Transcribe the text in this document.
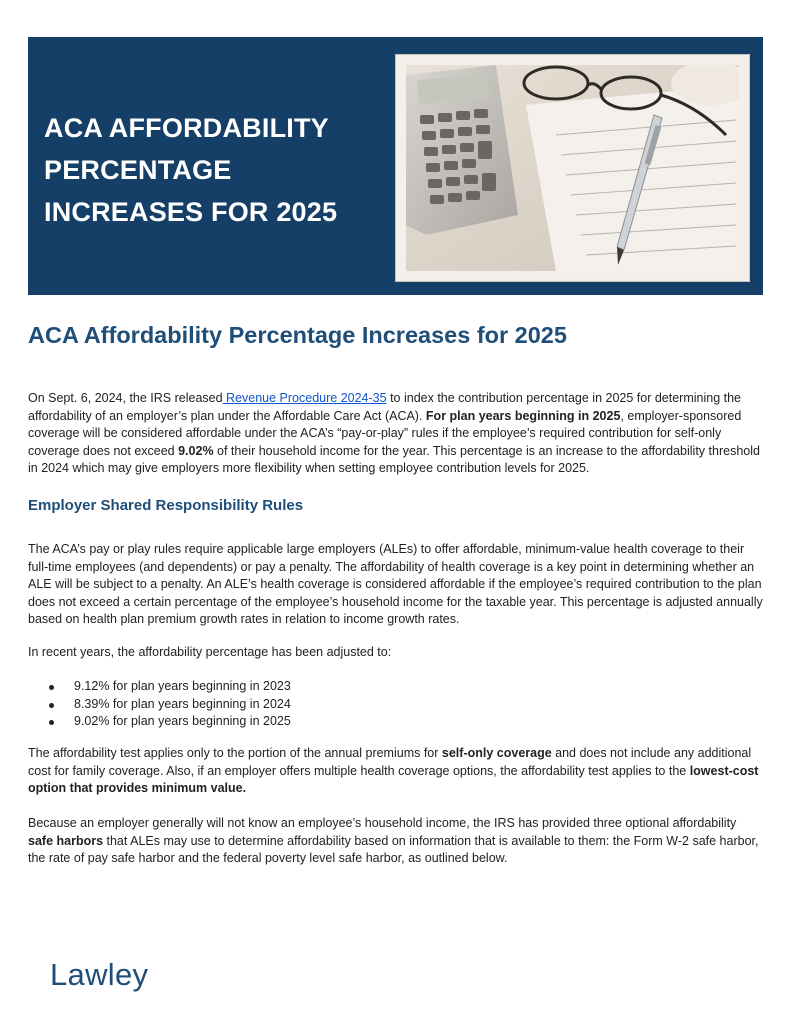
ACA AFFORDABILITY
PERCENTAGE
INCREASES FOR 2025
ACA Affordability Percentage Increases for 2025

On Sept. 6, 2024, the IRS released Revenue Procedure 2024-35 to index the contribution percentage in 2025 for determining the affordability of an employer’s plan under the Affordable Care Act (ACA). For plan years beginning in 2025, employer-sponsored coverage will be considered affordable under the ACA’s “pay-or-play” rules if the employee’s required contribution for self-only coverage does not exceed 9.02% of their household income for the year. This percentage is an increase to the affordability threshold in 2024 which may give employers more flexibility when setting employee contribution levels for 2025.

Employer Shared Responsibility Rules

The ACA’s pay or play rules require applicable large employers (ALEs) to offer affordable, minimum-value health coverage to their full-time employees (and dependents) or pay a penalty. The affordability of health coverage is a key point in determining whether an ALE will be subject to a penalty. An ALE’s health coverage is considered affordable if the employee’s required contribution to the plan does not exceed a certain percentage of the employee’s household income for the taxable year. This percentage is adjusted annually based on health plan premium growth rates in relation to income growth rates.

In recent years, the affordability percentage has been adjusted to:

9.12% for plan years beginning in 2023
8.39% for plan years beginning in 2024
9.02% for plan years beginning in 2025

The affordability test applies only to the portion of the annual premiums for self-only coverage and does not include any additional cost for family coverage. Also, if an employer offers multiple health coverage options, the affordability test applies to the lowest-cost option that provides minimum value.

Because an employer generally will not know an employee’s household income, the IRS has provided three optional affordability safe harbors that ALEs may use to determine affordability based on information that is available to them: the Form W-2 safe harbor, the rate of pay safe harbor and the federal poverty level safe harbor, as outlined below.

Lawley
